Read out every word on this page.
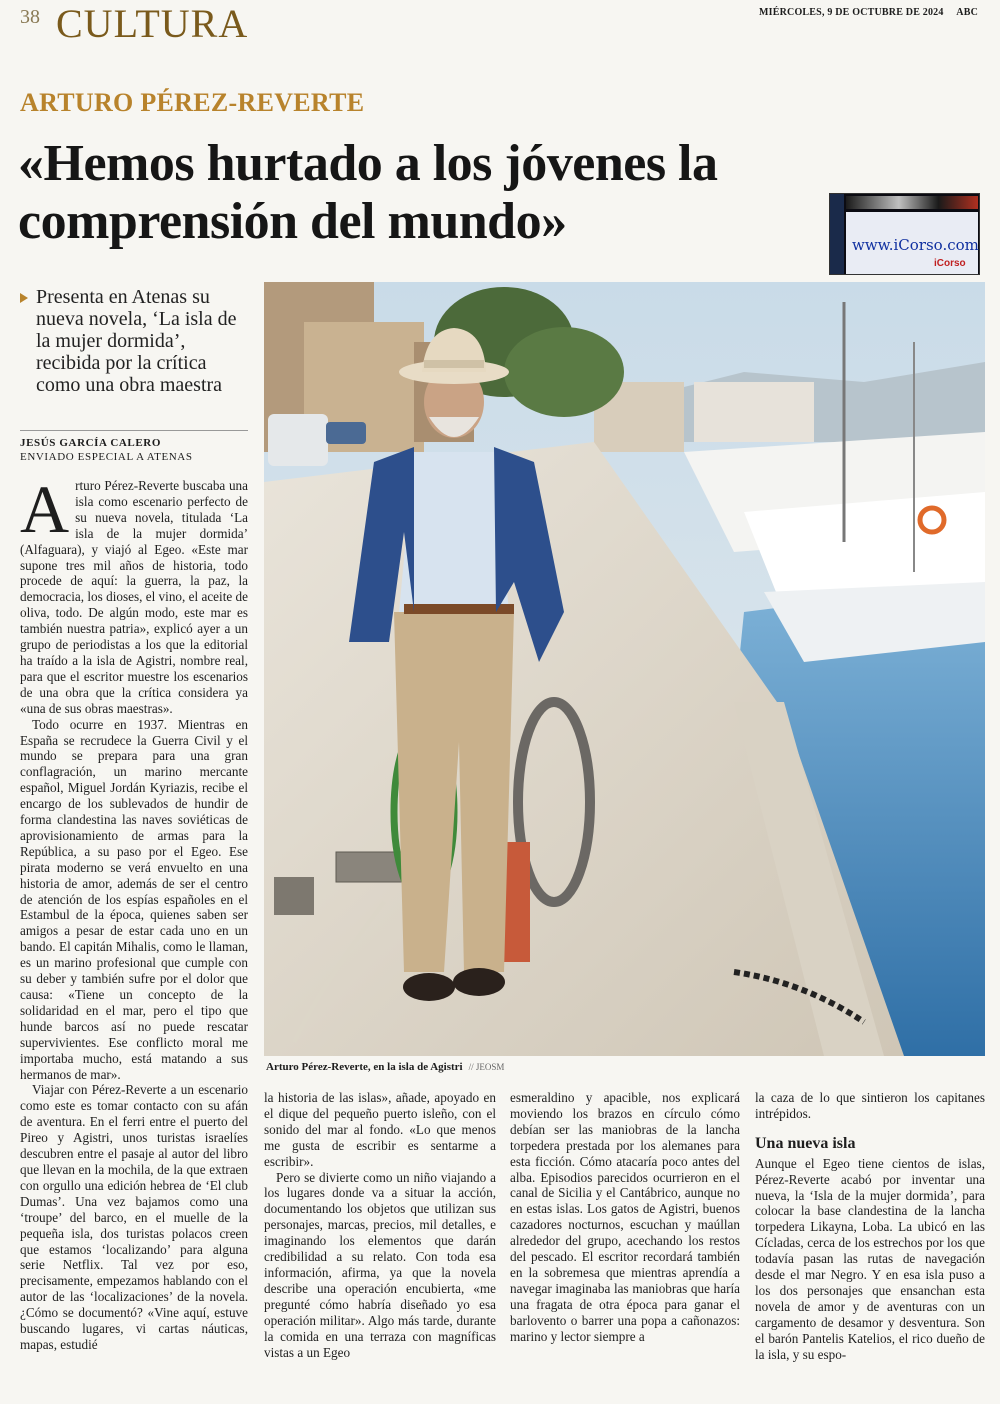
38 CULTURA	MIÉRCOLES, 9 DE OCTUBRE DE 2024 ABC
ARTURO PÉREZ-REVERTE
«Hemos hurtado a los jóvenes la comprensión del mundo»	www.iCorso.com
iCorso
Presenta en Atenas su nueva novela, ‘La isla de la mujer dormida’, recibida por la crítica como una obra maestra
JESÚS GARCÍA CALERO
ENVIADO ESPECIAL A ATENAS
Arturo Pérez-Reverte, en la isla de Agistri // JEOSM

Arturo Pérez-Reverte buscaba una isla como escenario perfecto de su nueva novela, titulada ‘La isla de la mujer dormida’ (Alfaguara), y viajó al Egeo. «Este mar supone tres mil años de historia, todo procede de aquí: la guerra, la paz, la democracia, los dioses, el vino, el aceite de oliva, todo. De algún modo, este mar es también nuestra patria», explicó ayer a un grupo de periodistas a los que la editorial ha traído a la isla de Agistri, nombre real, para que el escritor muestre los escenarios de una obra que la crítica considera ya «una de sus obras maestras».

Todo ocurre en 1937. Mientras en España se recrudece la Guerra Civil y el mundo se prepara para una gran conflagración, un marino mercante español, Miguel Jordán Kyriazis, recibe el encargo de los sublevados de hundir de forma clandestina las naves soviéticas de aprovisionamiento de armas para la República, a su paso por el Egeo. Ese pirata moderno se verá envuelto en una historia de amor, además de ser el centro de atención de los espías españoles en el Estambul de la época, quienes saben ser amigos a pesar de estar cada uno en un bando. El capitán Mihalis, como le llaman, es un marino profesional que cumple con su deber y también sufre por el dolor que causa: «Tiene un concepto de la solidaridad en el mar, pero el tipo que hunde barcos así no puede rescatar supervivientes. Ese conflicto moral me importaba mucho, está matando a sus hermanos de mar».

Viajar con Pérez-Reverte a un escenario como este es tomar contacto con su afán de aventura. En el ferri entre el puerto del Pireo y Agistri, unos turistas israelíes descubren entre el pasaje al autor del libro que llevan en la mochila, de la que extraen con orgullo una edición hebrea de ‘El club Dumas’. Una vez bajamos como una ‘troupe’ del barco, en el muelle de la pequeña isla, dos turistas polacos creen que estamos ‘localizando’ para alguna serie Netflix. Tal vez por eso, precisamente, empezamos hablando con el autor de las ‘localizaciones’ de la novela. ¿Cómo se documentó? «Vine aquí, estuve buscando lugares, vi cartas náuticas, mapas, estudié

la historia de las islas», añade, apoyado en el dique del pequeño puerto isleño, con el sonido del mar al fondo. «Lo que menos me gusta de escribir es sentarme a escribir».

Pero se divierte como un niño viajando a los lugares donde va a situar la acción, documentando los objetos que utilizan sus personajes, marcas, precios, mil detalles, e imaginando los elementos que darán credibilidad a su relato. Con toda esa información, afirma, ya que la novela describe una operación encubierta, «me pregunté cómo habría diseñado yo esa operación militar». Algo más tarde, durante la comida en una terraza con magníficas vistas a un Egeo

esmeraldino y apacible, nos explicará moviendo los brazos en círculo cómo debían ser las maniobras de la lancha torpedera prestada por los alemanes para esta ficción. Cómo atacaría poco antes del alba. Episodios parecidos ocurrieron en el canal de Sicilia y el Cantábrico, aunque no en estas islas. Los gatos de Agistri, buenos cazadores nocturnos, escuchan y maúllan alrededor del grupo, acechando los restos del pescado. El escritor recordará también en la sobremesa que mientras aprendía a navegar imaginaba las maniobras que haría una fragata de otra época para ganar el barlovento o barrer una popa a cañonazos: marino y lector siempre a

la caza de lo que sintieron los capitanes intrépidos.

Una nueva isla

Aunque el Egeo tiene cientos de islas, Pérez-Reverte acabó por inventar una nueva, la ‘Isla de la mujer dormida’, para colocar la base clandestina de la lancha torpedera Likayna, Loba. La ubicó en las Cícladas, cerca de los estrechos por los que todavía pasan las rutas de navegación desde el mar Negro. Y en esa isla puso a los dos personajes que ensanchan esta novela de amor y de aventuras con un cargamento de desamor y desventura. Son el barón Pantelis Katelios, el rico dueño de la isla, y su espo-
